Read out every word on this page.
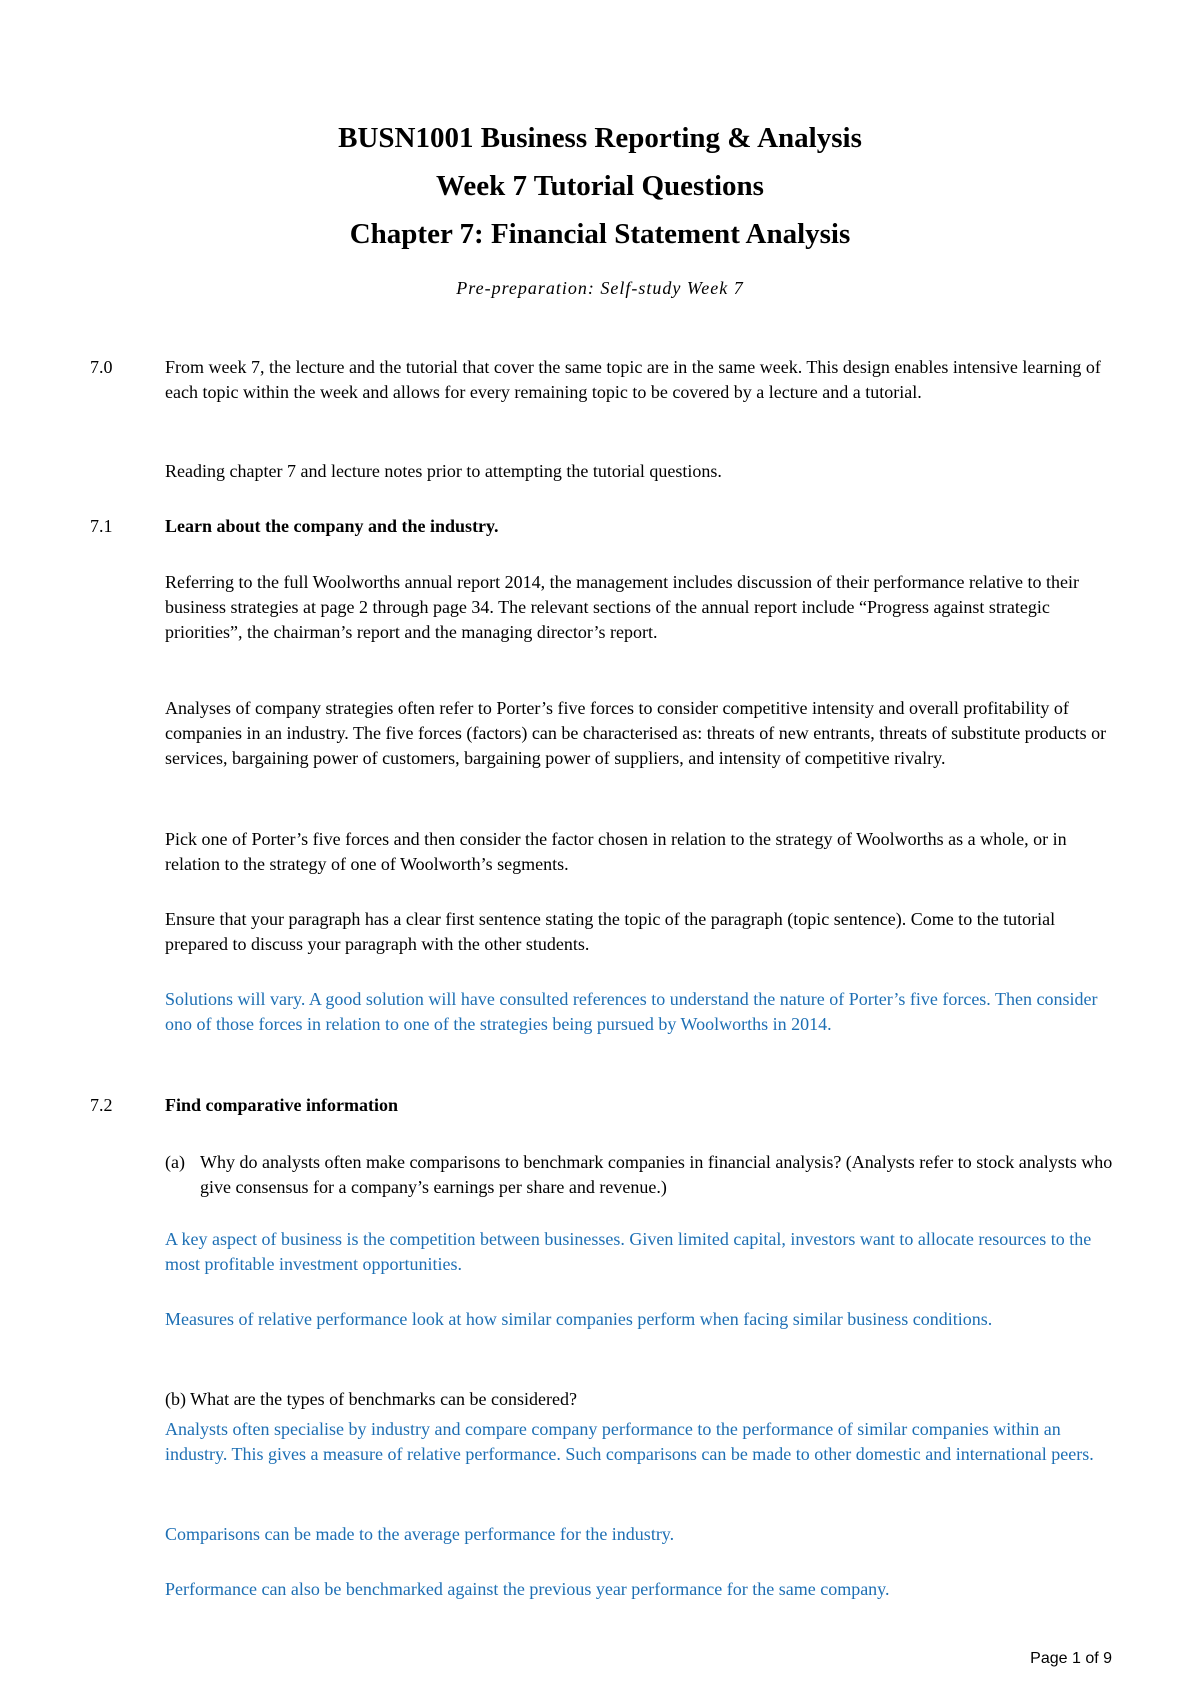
BUSN1001 Business Reporting & Analysis
Week 7 Tutorial Questions
Chapter 7: Financial Statement Analysis
Pre-preparation: Self-study Week 7
7.0	From week 7, the lecture and the tutorial that cover the same topic are in the same week. This design enables intensive learning of each topic within the week and allows for every remaining topic to be covered by a lecture and a tutorial.
Reading chapter 7 and lecture notes prior to attempting the tutorial questions.
7.1	Learn about the company and the industry.
Referring to the full Woolworths annual report 2014, the management includes discussion of their performance relative to their business strategies at page 2 through page 34. The relevant sections of the annual report include “Progress against strategic priorities”, the chairman’s report and the managing director’s report.
Analyses of company strategies often refer to Porter’s five forces to consider competitive intensity and overall profitability of companies in an industry. The five forces (factors) can be characterised as: threats of new entrants, threats of substitute products or services, bargaining power of customers, bargaining power of suppliers, and intensity of competitive rivalry.
Pick one of Porter’s five forces and then consider the factor chosen in relation to the strategy of Woolworths as a whole, or in relation to the strategy of one of Woolworth’s segments.
Ensure that your paragraph has a clear first sentence stating the topic of the paragraph (topic sentence). Come to the tutorial prepared to discuss your paragraph with the other students.
Solutions will vary. A good solution will have consulted references to understand the nature of Porter’s five forces. Then consider ono of those forces in relation to one of the strategies being pursued by Woolworths in 2014.
7.2	Find comparative information
(a) Why do analysts often make comparisons to benchmark companies in financial analysis? (Analysts refer to stock analysts who give consensus for a company’s earnings per share and revenue.)
A key aspect of business is the competition between businesses. Given limited capital, investors want to allocate resources to the most profitable investment opportunities.
Measures of relative performance look at how similar companies perform when facing similar business conditions.
(b) What are the types of benchmarks can be considered?
Analysts often specialise by industry and compare company performance to the performance of similar companies within an industry. This gives a measure of relative performance. Such comparisons can be made to other domestic and international peers.
Comparisons can be made to the average performance for the industry.
Performance can also be benchmarked against the previous year performance for the same company.
Page 1 of 9
